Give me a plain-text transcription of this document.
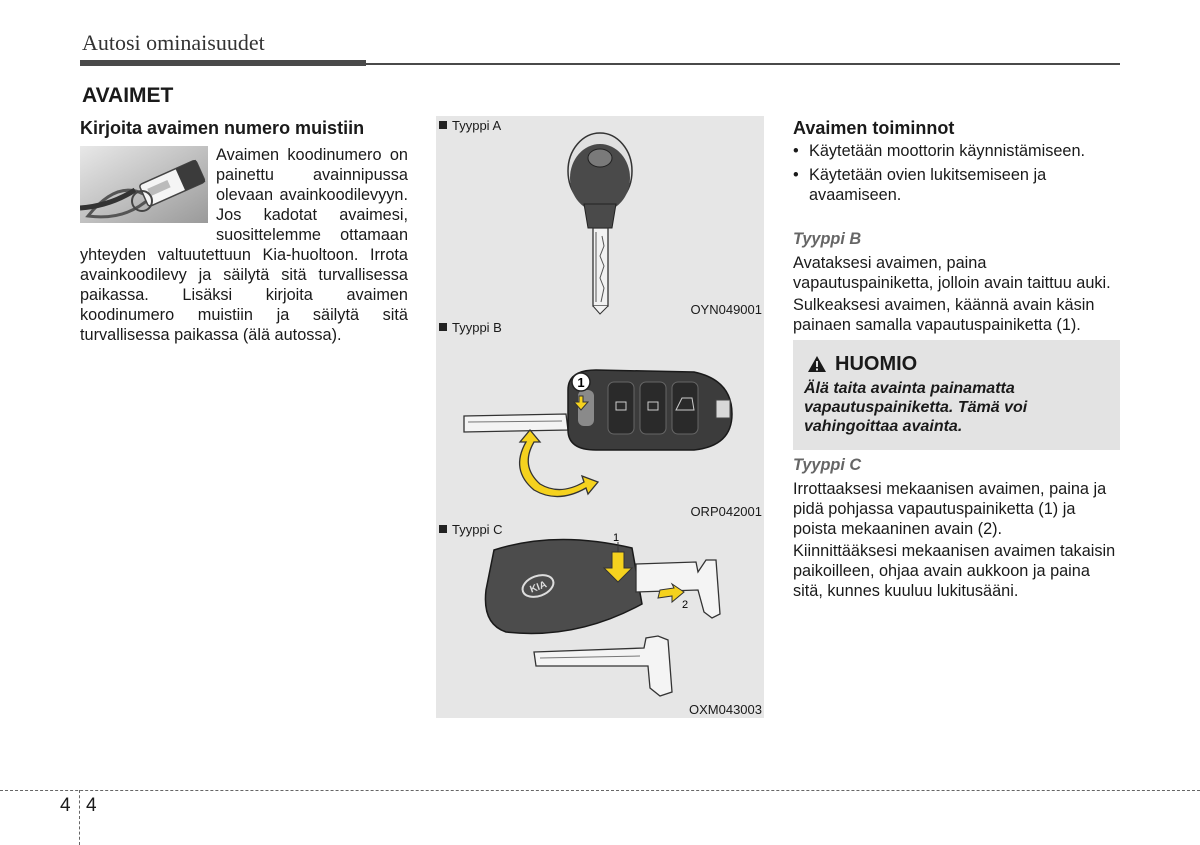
Autosi ominaisuudet
AVAIMET
Kirjoita avaimen numero muistiin
Avaimen koodinumero on painettu avainnipussa olevaan avainkoodilevyyn. Jos kadotat avaimesi, suosittelemme ottamaan yhteyden valtuutettuun Kia-huoltoon. Irrota avainkoodilevy ja säilytä sitä turvallisessa paikassa. Lisäksi kirjoita avaimen koodinumero muistiin ja säilytä sitä turvallisessa paikassa (älä autossa).
Tyyppi A
OYN049001
1
Tyyppi B
ORP042001
KIA
1
2
Tyyppi C
OXM043003
Avaimen toiminnot
• Käytetään moottorin käynnistämiseen.
• Käytetään ovien lukitsemiseen ja avaamiseen.
Tyyppi B

Avataksesi avaimen, paina vapautuspainiketta, jolloin avain taittuu auki.

Sulkeaksesi avaimen, käännä avain käsin painaen samalla vapautuspainiketta (1).

HUOMIO
Älä taita avainta painamatta vapautuspainiketta. Tämä voi vahingoittaa avainta.
Tyyppi C

Irrottaaksesi mekaanisen avaimen, paina ja pidä pohjassa vapautuspainiketta (1) ja poista mekaaninen avain (2).

Kiinnittääksesi mekaanisen avaimen takaisin paikoilleen, ohjaa avain aukkoon ja paina sitä, kunnes kuuluu lukitusääni.

4 4
